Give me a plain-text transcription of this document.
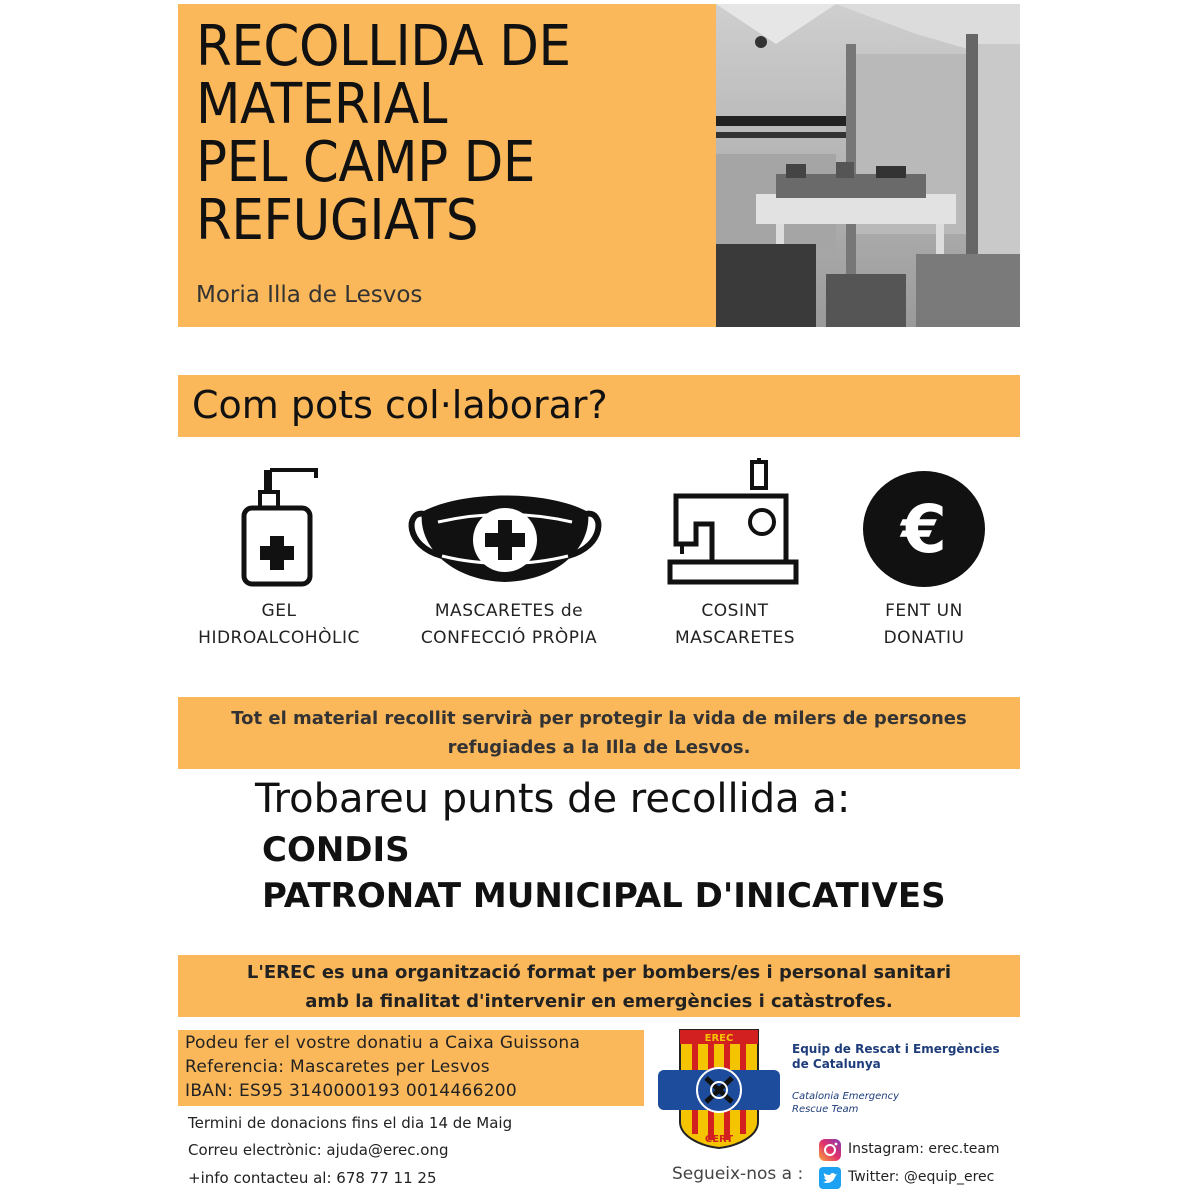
RECOLLIDA DE
MATERIAL
PEL CAMP DE
REFUGIATS
Moria Illa de Lesvos
Com pots col·laborar?
€
GEL
HIDROALCOHÒLIC
MASCARETES de
CONFECCIÓ PRÒPIA
COSINT
MASCARETES
FENT UN
DONATIU
Tot el material recollit servirà per protegir la vida de milers de persones
refugiades a la Illa de Lesvos.
Trobareu punts de recollida a:
CONDIS
PATRONAT MUNICIPAL D'INICATIVES
L'EREC es una organització format per bombers/es i personal sanitari
amb la finalitat d'intervenir en emergències i catàstrofes.
Podeu fer el vostre donatiu a Caixa Guissona
Referencia: Mascaretes per Lesvos
IBAN: ES95 3140000193 0014466200
Termini de donacions fins el dia 14 de Maig
Correu electrònic: ajuda@erec.ong
+info contacteu al: 678 77 11 25
EREC
CERT
Equip de Rescat i Emergències
de Catalunya
Catalonia Emergency
Rescue Team
Segueix-nos a :
Instagram: erec.team
Twitter: @equip_erec
